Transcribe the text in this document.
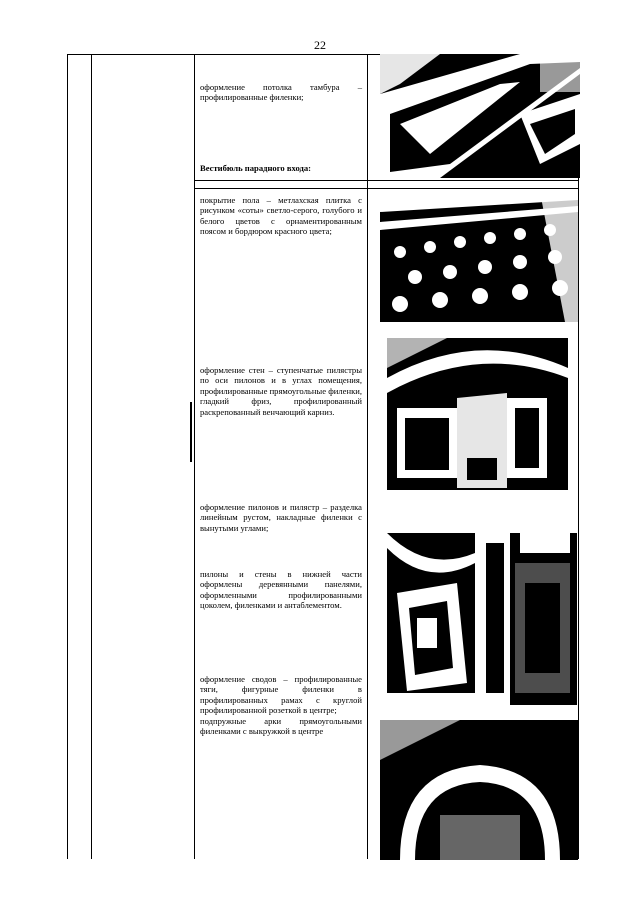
22

оформление потолка тамбура – профилированные филенки;

Вестибюль парадного входа:

покрытие пола – метлахская плитка с рисунком «соты» светло-серого, голубого и белого цветов с орнаментированным поясом и бордюром красного цвета;

оформление стен – ступенчатые пилястры по оси пилонов и в углах помещения, профилированные прямоугольные филенки, гладкий фриз, профилированный раскрепованный венчающий карниз.

оформление пилонов и пилястр – разделка линейным рустом, накладные филенки с вынутыми углами;

пилоны и стены в нижней части оформлены деревянными панелями, оформленными профилированными цоколем, филенками и антаблементом.

оформление сводов – профилированные тяги, фигурные филенки в профилированных рамах с круглой профилированной розеткой в центре;

подпружные арки прямоугольными филенками с выкружкой в центре
